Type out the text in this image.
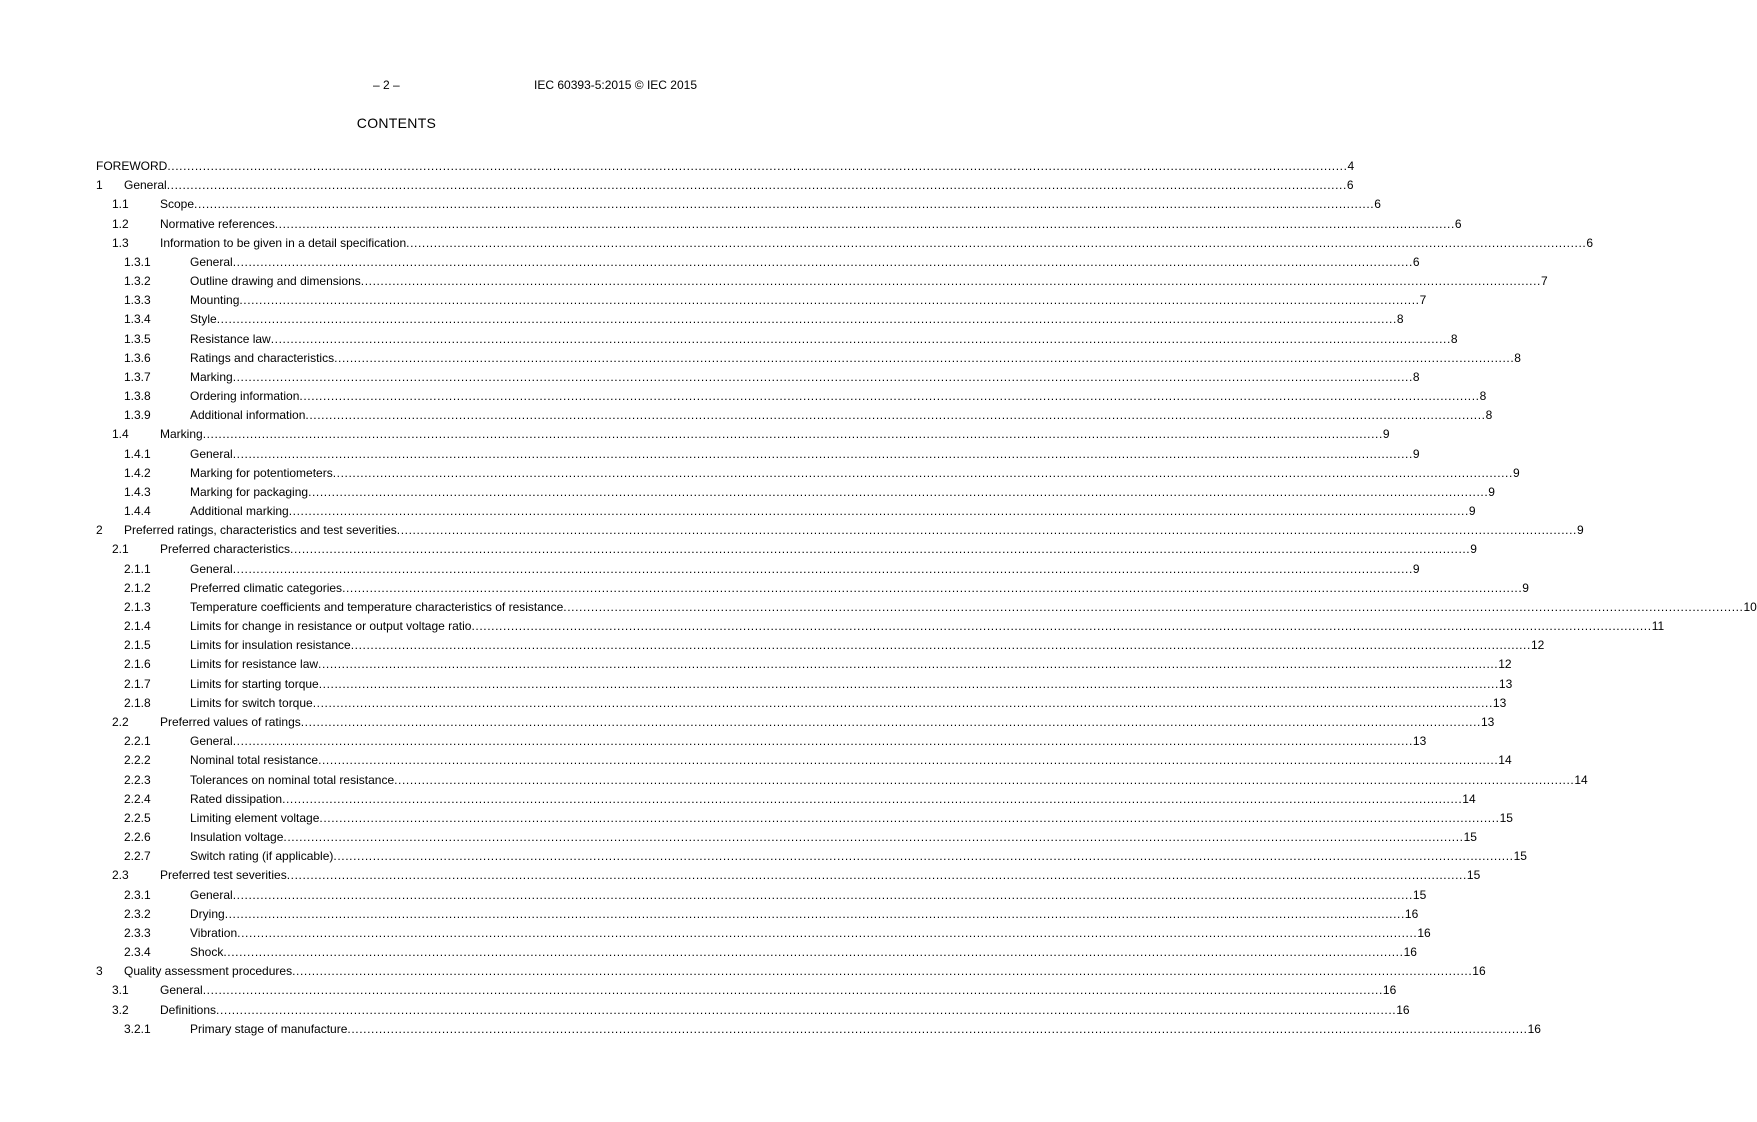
– 2 –	IEC 60393-5:2015 © IEC 2015
CONTENTS
FOREWORD ............................................................................................................................................................................................................................................................................................................ 4
1 General ............................................................................................................................................................................................................................................................................................................ 6
1.1	Scope ............................................................................................................................................................................................................................................................................................................ 6
1.2	Normative references ............................................................................................................................................................................................................................................................................................................ 6
1.3	Information to be given in a detail specification ............................................................................................................................................................................................................................................................................................................ 6
1.3.1	General ............................................................................................................................................................................................................................................................................................................ 6
1.3.2	Outline drawing and dimensions ............................................................................................................................................................................................................................................................................................................ 7
1.3.3	Mounting ............................................................................................................................................................................................................................................................................................................ 7
1.3.4	Style ............................................................................................................................................................................................................................................................................................................ 8
1.3.5	Resistance law ............................................................................................................................................................................................................................................................................................................ 8
1.3.6	Ratings and characteristics ............................................................................................................................................................................................................................................................................................................ 8
1.3.7	Marking ............................................................................................................................................................................................................................................................................................................ 8
1.3.8	Ordering information ............................................................................................................................................................................................................................................................................................................ 8
1.3.9	Additional information ............................................................................................................................................................................................................................................................................................................ 8
1.4	Marking ............................................................................................................................................................................................................................................................................................................ 9
1.4.1	General ............................................................................................................................................................................................................................................................................................................ 9
1.4.2	Marking for potentiometers ............................................................................................................................................................................................................................................................................................................ 9
1.4.3	Marking for packaging ............................................................................................................................................................................................................................................................................................................ 9
1.4.4	Additional marking ............................................................................................................................................................................................................................................................................................................ 9
2 Preferred ratings, characteristics and test severities ............................................................................................................................................................................................................................................................................................................ 9
2.1	Preferred characteristics ............................................................................................................................................................................................................................................................................................................ 9
2.1.1	General ............................................................................................................................................................................................................................................................................................................ 9
2.1.2	Preferred climatic categories ............................................................................................................................................................................................................................................................................................................ 9
2.1.3	Temperature coefficients and temperature characteristics of resistance ............................................................................................................................................................................................................................................................................................................ 10
2.1.4	Limits for change in resistance or output voltage ratio ............................................................................................................................................................................................................................................................................................................ 11
2.1.5	Limits for insulation resistance ............................................................................................................................................................................................................................................................................................................ 12
2.1.6	Limits for resistance law ............................................................................................................................................................................................................................................................................................................ 12
2.1.7	Limits for starting torque ............................................................................................................................................................................................................................................................................................................ 13
2.1.8	Limits for switch torque ............................................................................................................................................................................................................................................................................................................ 13
2.2	Preferred values of ratings ............................................................................................................................................................................................................................................................................................................ 13
2.2.1	General ............................................................................................................................................................................................................................................................................................................ 13
2.2.2	Nominal total resistance ............................................................................................................................................................................................................................................................................................................ 14
2.2.3	Tolerances on nominal total resistance ............................................................................................................................................................................................................................................................................................................ 14
2.2.4	Rated dissipation ............................................................................................................................................................................................................................................................................................................ 14
2.2.5	Limiting element voltage ............................................................................................................................................................................................................................................................................................................ 15
2.2.6	Insulation voltage ............................................................................................................................................................................................................................................................................................................ 15
2.2.7	Switch rating (if applicable) ............................................................................................................................................................................................................................................................................................................ 15
2.3	Preferred test severities ............................................................................................................................................................................................................................................................................................................ 15
2.3.1	General ............................................................................................................................................................................................................................................................................................................ 15
2.3.2	Drying ............................................................................................................................................................................................................................................................................................................ 16
2.3.3	Vibration ............................................................................................................................................................................................................................................................................................................ 16
2.3.4	Shock ............................................................................................................................................................................................................................................................................................................ 16
3 Quality assessment procedures ............................................................................................................................................................................................................................................................................................................ 16
3.1	General ............................................................................................................................................................................................................................................................................................................ 16
3.2	Definitions ............................................................................................................................................................................................................................................................................................................ 16
3.2.1	Primary stage of manufacture ............................................................................................................................................................................................................................................................................................................ 16
